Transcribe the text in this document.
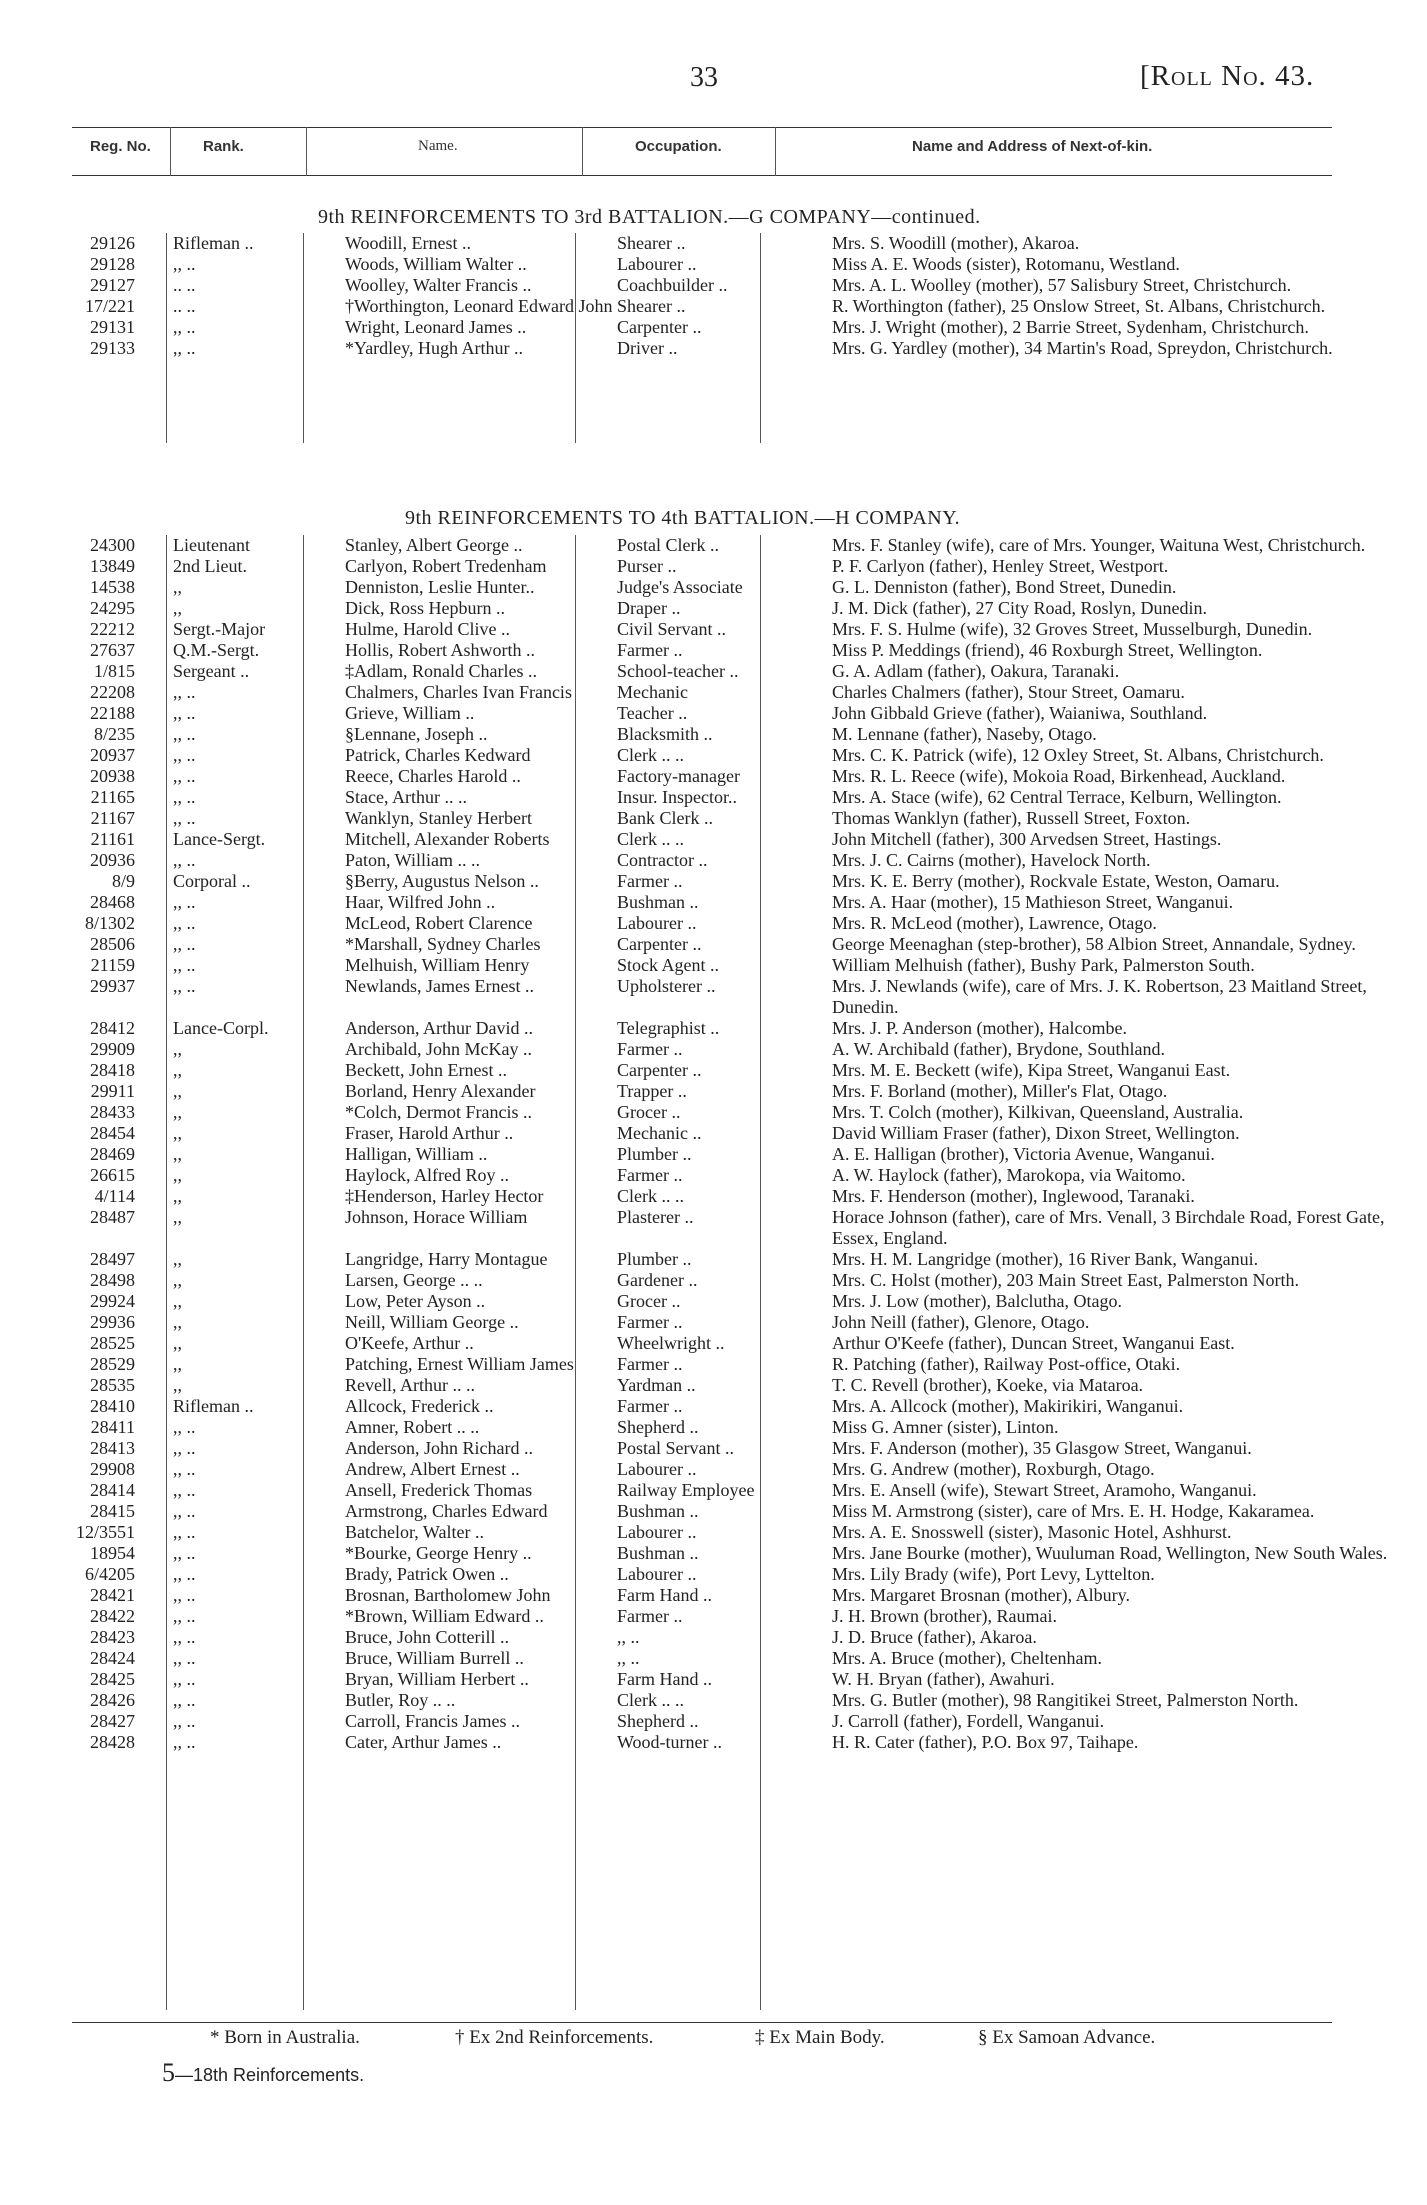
33	[Roll No. 43.
Reg. No.	Rank.	Name.	Occupation.	Name and Address of Next-of-kin.
9th REINFORCEMENTS TO 3rd BATTALION.—G COMPANY—continued.
29126	Rifleman ..	Woodill, Ernest ..	Shearer ..	Mrs. S. Woodill (mother), Akaroa.
29128	,, ..	Woods, William Walter ..	Labourer ..	Miss A. E. Woods (sister), Rotomanu, Westland.
29127	.. ..	Woolley, Walter Francis ..	Coachbuilder ..	Mrs. A. L. Woolley (mother), 57 Salisbury Street, Christchurch.
17/221	.. ..	†Worthington, Leonard Edward John Shearer ..	R. Worthington (father), 25 Onslow Street, St. Albans, Christchurch.
29131	,, ..	Wright, Leonard James ..	Carpenter ..	Mrs. J. Wright (mother), 2 Barrie Street, Sydenham, Christchurch.
29133	,, ..	*Yardley, Hugh Arthur ..	Driver ..	Mrs. G. Yardley (mother), 34 Martin's Road, Spreydon, Christchurch.
9th REINFORCEMENTS TO 4th BATTALION.—H COMPANY.
24300	Lieutenant	Stanley, Albert George ..	Postal Clerk ..	Mrs. F. Stanley (wife), care of Mrs. Younger, Waituna West, Christchurch.
13849	2nd Lieut.	Carlyon, Robert Tredenham	Purser ..	P. F. Carlyon (father), Henley Street, Westport.
14538	,,	Denniston, Leslie Hunter..	Judge's Associate	G. L. Denniston (father), Bond Street, Dunedin.
24295	,,	Dick, Ross Hepburn ..	Draper ..	J. M. Dick (father), 27 City Road, Roslyn, Dunedin.
22212	Sergt.-Major	Hulme, Harold Clive ..	Civil Servant ..	Mrs. F. S. Hulme (wife), 32 Groves Street, Musselburgh, Dunedin.
27637	Q.M.-Sergt.	Hollis, Robert Ashworth ..	Farmer ..	Miss P. Meddings (friend), 46 Roxburgh Street, Wellington.
1/815	Sergeant ..	‡Adlam, Ronald Charles ..	School-teacher ..	G. A. Adlam (father), Oakura, Taranaki.
22208	,, ..	Chalmers, Charles Ivan Francis	Mechanic	Charles Chalmers (father), Stour Street, Oamaru.
22188	,, ..	Grieve, William ..	Teacher ..	John Gibbald Grieve (father), Waianiwa, Southland.
8/235	,, ..	§Lennane, Joseph ..	Blacksmith ..	M. Lennane (father), Naseby, Otago.
20937	,, ..	Patrick, Charles Kedward	Clerk .. ..	Mrs. C. K. Patrick (wife), 12 Oxley Street, St. Albans, Christchurch.
20938	,, ..	Reece, Charles Harold ..	Factory-manager	Mrs. R. L. Reece (wife), Mokoia Road, Birkenhead, Auckland.
21165	,, ..	Stace, Arthur .. ..	Insur. Inspector..	Mrs. A. Stace (wife), 62 Central Terrace, Kelburn, Wellington.
21167	,, ..	Wanklyn, Stanley Herbert	Bank Clerk ..	Thomas Wanklyn (father), Russell Street, Foxton.
21161	Lance-Sergt.	Mitchell, Alexander Roberts	Clerk .. ..	John Mitchell (father), 300 Arvedsen Street, Hastings.
20936	,, ..	Paton, William .. ..	Contractor ..	Mrs. J. C. Cairns (mother), Havelock North.
8/9	Corporal ..	§Berry, Augustus Nelson ..	Farmer ..	Mrs. K. E. Berry (mother), Rockvale Estate, Weston, Oamaru.
28468	,, ..	Haar, Wilfred John ..	Bushman ..	Mrs. A. Haar (mother), 15 Mathieson Street, Wanganui.
8/1302	,, ..	McLeod, Robert Clarence	Labourer ..	Mrs. R. McLeod (mother), Lawrence, Otago.
28506	,, ..	*Marshall, Sydney Charles	Carpenter ..	George Meenaghan (step-brother), 58 Albion Street, Annandale, Sydney.
21159	,, ..	Melhuish, William Henry	Stock Agent ..	William Melhuish (father), Bushy Park, Palmerston South.
29937	,, ..	Newlands, James Ernest ..	Upholsterer ..	Mrs. J. Newlands (wife), care of Mrs. J. K. Robertson, 23 Maitland Street, Dunedin.
28412	Lance-Corpl.	Anderson, Arthur David ..	Telegraphist ..	Mrs. J. P. Anderson (mother), Halcombe.
29909	,,	Archibald, John McKay ..	Farmer ..	A. W. Archibald (father), Brydone, Southland.
28418	,,	Beckett, John Ernest ..	Carpenter ..	Mrs. M. E. Beckett (wife), Kipa Street, Wanganui East.
29911	,,	Borland, Henry Alexander	Trapper ..	Mrs. F. Borland (mother), Miller's Flat, Otago.
28433	,,	*Colch, Dermot Francis ..	Grocer ..	Mrs. T. Colch (mother), Kilkivan, Queensland, Australia.
28454	,,	Fraser, Harold Arthur ..	Mechanic ..	David William Fraser (father), Dixon Street, Wellington.
28469	,,	Halligan, William ..	Plumber ..	A. E. Halligan (brother), Victoria Avenue, Wanganui.
26615	,,	Haylock, Alfred Roy ..	Farmer ..	A. W. Haylock (father), Marokopa, via Waitomo.
4/114	,,	‡Henderson, Harley Hector	Clerk .. ..	Mrs. F. Henderson (mother), Inglewood, Taranaki.
28487	,,	Johnson, Horace William	Plasterer ..	Horace Johnson (father), care of Mrs. Venall, 3 Birchdale Road, Forest Gate, Essex, England.
28497	,,	Langridge, Harry Montague	Plumber ..	Mrs. H. M. Langridge (mother), 16 River Bank, Wanganui.
28498	,,	Larsen, George .. ..	Gardener ..	Mrs. C. Holst (mother), 203 Main Street East, Palmerston North.
29924	,,	Low, Peter Ayson ..	Grocer ..	Mrs. J. Low (mother), Balclutha, Otago.
29936	,,	Neill, William George ..	Farmer ..	John Neill (father), Glenore, Otago.
28525	,,	O'Keefe, Arthur ..	Wheelwright ..	Arthur O'Keefe (father), Duncan Street, Wanganui East.
28529	,,	Patching, Ernest William James	Farmer ..	R. Patching (father), Railway Post-office, Otaki.
28535	,,	Revell, Arthur .. ..	Yardman ..	T. C. Revell (brother), Koeke, via Mataroa.
28410	Rifleman ..	Allcock, Frederick ..	Farmer ..	Mrs. A. Allcock (mother), Makirikiri, Wanganui.
28411	,, ..	Amner, Robert .. ..	Shepherd ..	Miss G. Amner (sister), Linton.
28413	,, ..	Anderson, John Richard ..	Postal Servant ..	Mrs. F. Anderson (mother), 35 Glasgow Street, Wanganui.
29908	,, ..	Andrew, Albert Ernest ..	Labourer ..	Mrs. G. Andrew (mother), Roxburgh, Otago.
28414	,, ..	Ansell, Frederick Thomas	Railway Employee	Mrs. E. Ansell (wife), Stewart Street, Aramoho, Wanganui.
28415	,, ..	Armstrong, Charles Edward	Bushman ..	Miss M. Armstrong (sister), care of Mrs. E. H. Hodge, Kakaramea.
12/3551	,, ..	Batchelor, Walter ..	Labourer ..	Mrs. A. E. Snosswell (sister), Masonic Hotel, Ashhurst.
18954	,, ..	*Bourke, George Henry ..	Bushman ..	Mrs. Jane Bourke (mother), Wuuluman Road, Wellington, New South Wales.
6/4205	,, ..	Brady, Patrick Owen ..	Labourer ..	Mrs. Lily Brady (wife), Port Levy, Lyttelton.
28421	,, ..	Brosnan, Bartholomew John	Farm Hand ..	Mrs. Margaret Brosnan (mother), Albury.
28422	,, ..	*Brown, William Edward ..	Farmer ..	J. H. Brown (brother), Raumai.
28423	,, ..	Bruce, John Cotterill ..	,, ..	J. D. Bruce (father), Akaroa.
28424	,, ..	Bruce, William Burrell ..	,, ..	Mrs. A. Bruce (mother), Cheltenham.
28425	,, ..	Bryan, William Herbert ..	Farm Hand ..	W. H. Bryan (father), Awahuri.
28426	,, ..	Butler, Roy .. ..	Clerk .. ..	Mrs. G. Butler (mother), 98 Rangitikei Street, Palmerston North.
28427	,, ..	Carroll, Francis James ..	Shepherd ..	J. Carroll (father), Fordell, Wanganui.
28428	,, ..	Cater, Arthur James ..	Wood-turner ..	H. R. Cater (father), P.O. Box 97, Taihape.
* Born in Australia.	† Ex 2nd Reinforcements.	‡ Ex Main Body.	§ Ex Samoan Advance.
5—18th Reinforcements.
